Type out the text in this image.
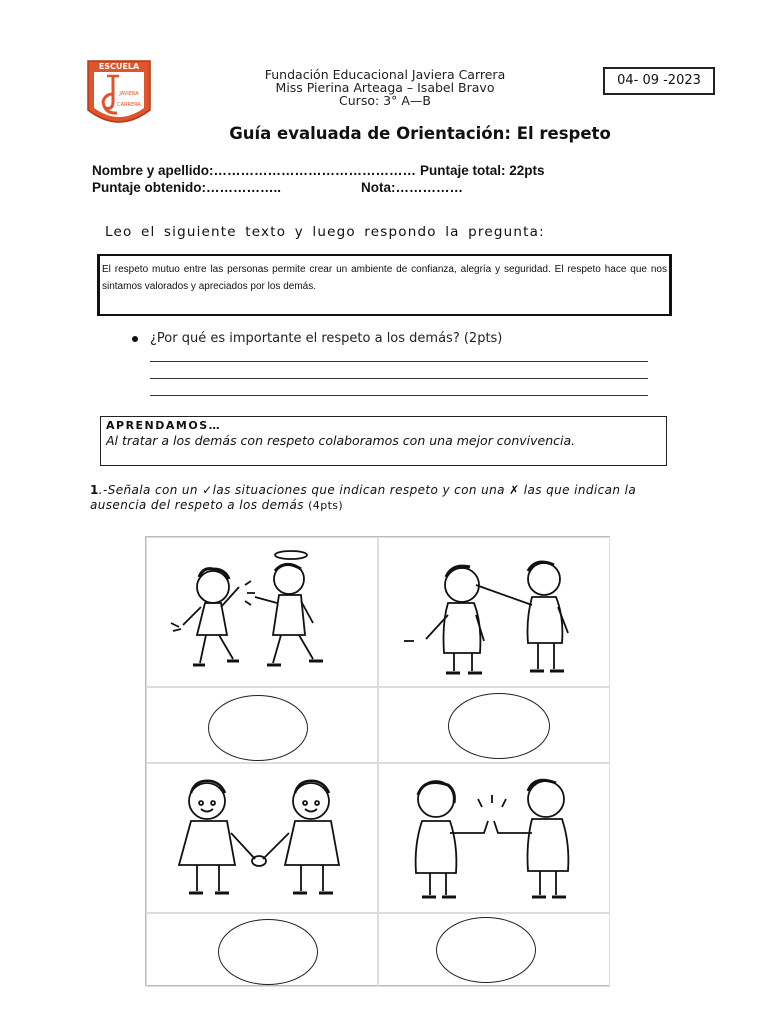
ESCUELA
JAVIERA
CARRERA
Fundación Educacional Javiera Carrera
Miss Pierina Arteaga – Isabel Bravo
Curso: 3° A—B
04- 09 -2023
Guía evaluada de Orientación: El respeto
Nombre y apellido:……………………………………… Puntaje total: 22pts
Puntaje obtenido:……………..	Nota:……………
Leo el siguiente texto y luego respondo la pregunta:
El respeto mutuo entre las personas permite crear un ambiente de confianza, alegría y seguridad. El respeto hace que nos sintamos valorados y apreciados por los demás.
¿Por qué es importante el respeto a los demás? (2pts)
APRENDAMOS…
Al tratar a los demás con respeto colaboramos con una mejor convivencia.
1.-Señala con un ✓las situaciones que indican respeto y con una ✗ las que indican la ausencia del respeto a los demás (4pts)
